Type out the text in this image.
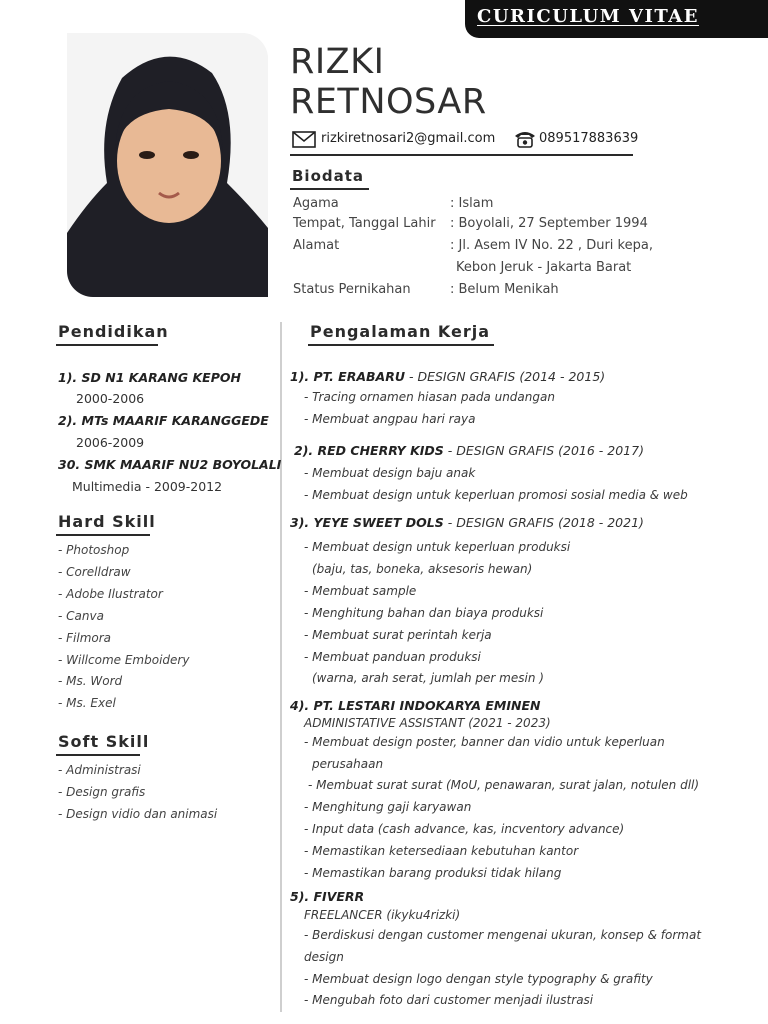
CURICULUM VITAE
RIZKI
RETNOSAR
rizkiretnosari2@gmail.com	089517883639
Biodata
Agama	: Islam
Tempat, Tanggal Lahir : Boyolali, 27 September 1994
Alamat	: Jl. Asem IV No. 22 , Duri kepa,
Kebon Jeruk - Jakarta Barat
Status Pernikahan	: Belum Menikah
Pendidikan
1). SD N1 KARANG KEPOH
2000-2006
2). MTs MAARIF KARANGGEDE
2006-2009
30. SMK MAARIF NU2 BOYOLALI
Multimedia - 2009-2012
Hard Skill
- Photoshop
- Corelldraw
- Adobe Ilustrator
- Canva
- Filmora
- Willcome Emboidery
- Ms. Word
- Ms. Exel
Soft Skill
- Administrasi
- Design grafis
- Design vidio dan animasi
Pengalaman Kerja
1). PT. ERABARU - DESIGN GRAFIS (2014 - 2015)
- Tracing ornamen hiasan pada undangan
- Membuat angpau hari raya
2). RED CHERRY KIDS - DESIGN GRAFIS (2016 - 2017)
- Membuat design baju anak
- Membuat design untuk keperluan promosi sosial media & web
3). YEYE SWEET DOLS - DESIGN GRAFIS (2018 - 2021)
- Membuat design untuk keperluan produksi
(baju, tas, boneka, aksesoris hewan)
- Membuat sample
- Menghitung bahan dan biaya produksi
- Membuat surat perintah kerja
- Membuat panduan produksi
(warna, arah serat, jumlah per mesin )
4). PT. LESTARI INDOKARYA EMINEN
ADMINISTATIVE ASSISTANT (2021 - 2023)
- Membuat design poster, banner dan vidio untuk keperluan
perusahaan
- Membuat surat surat (MoU, penawaran, surat jalan, notulen dll)
- Menghitung gaji karyawan
- Input data (cash advance, kas, incventory advance)
- Memastikan ketersediaan kebutuhan kantor
- Memastikan barang produksi tidak hilang
5). FIVERR
FREELANCER (ikyku4rizki)
- Berdiskusi dengan customer mengenai ukuran, konsep & format
design
- Membuat design logo dengan style typography & grafity
- Mengubah foto dari customer menjadi ilustrasi
